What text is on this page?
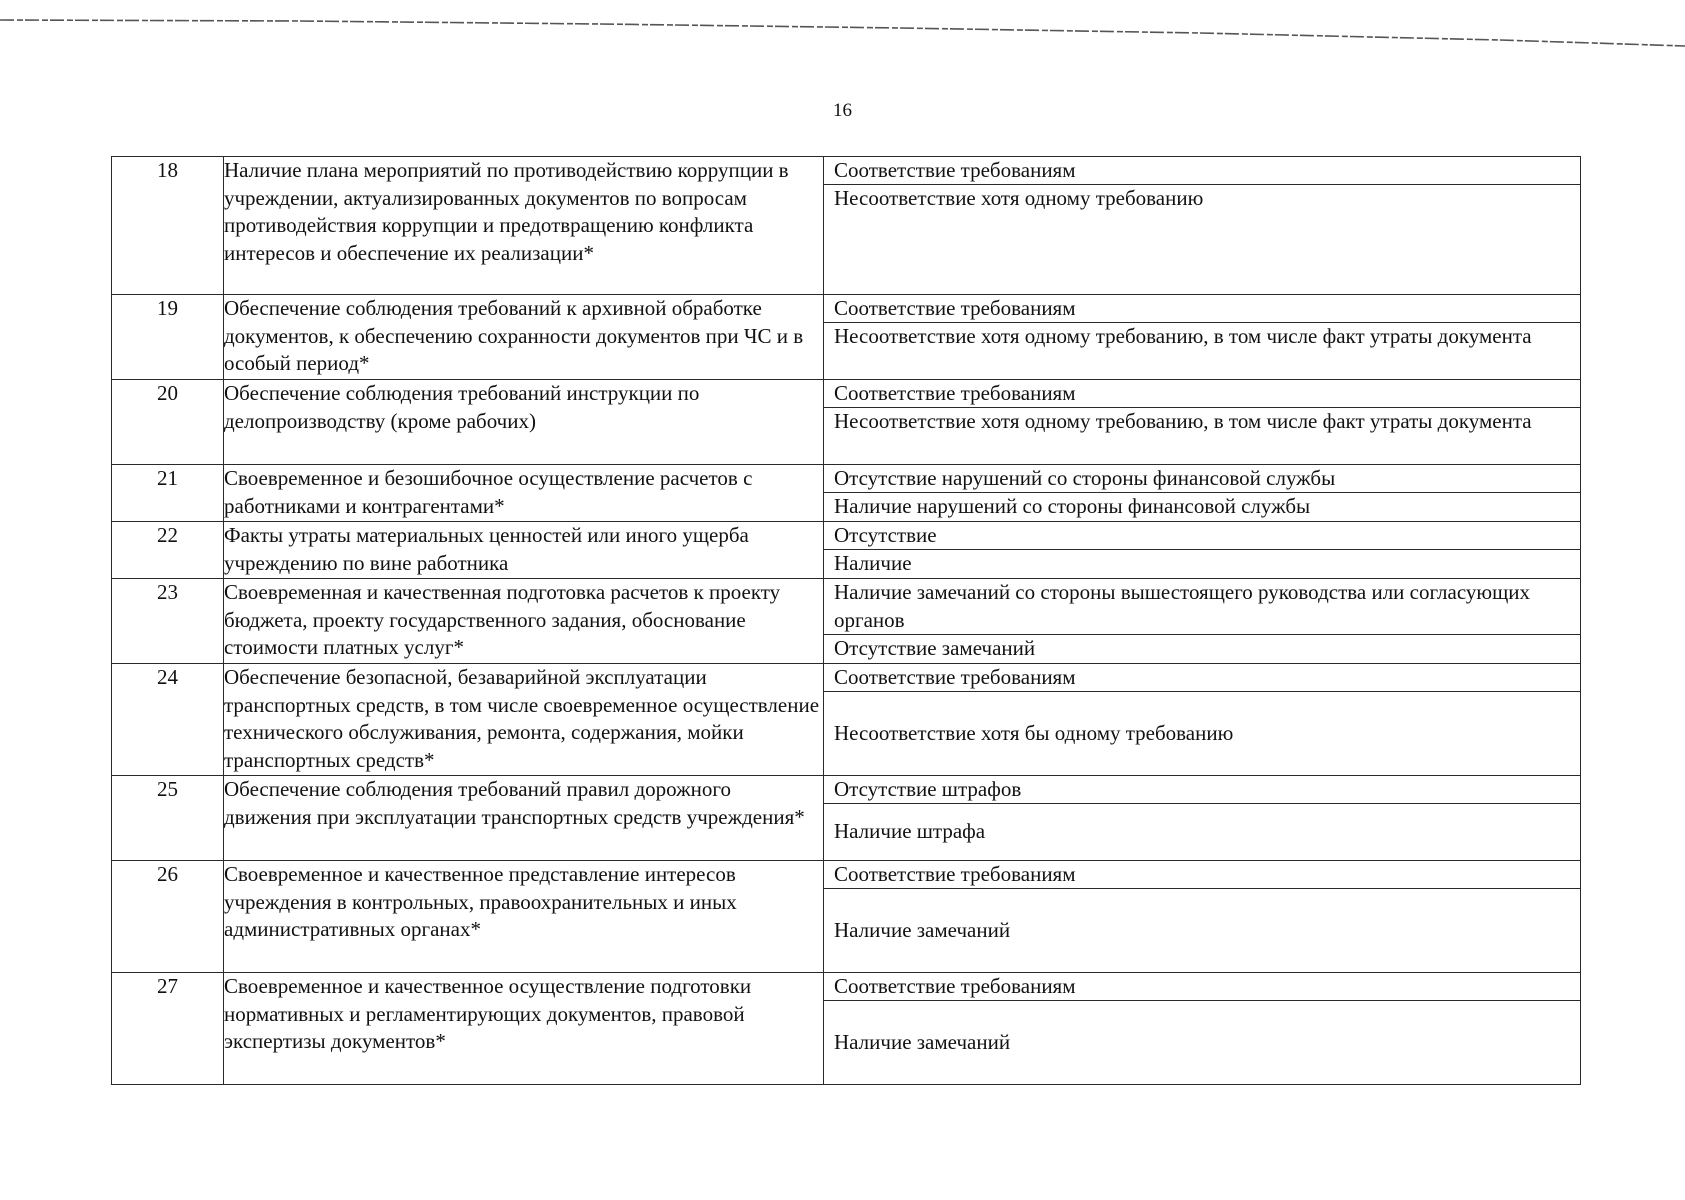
16
18	Наличие плана мероприятий по противодействию коррупции в учреждении, актуализированных документов по вопросам противодействия коррупции и предотвращению конфликта интересов и обеспечение их реализации*	Соответствие требованиям
Несоответствие хотя одному требованию

19	Обеспечение соблюдения требований к архивной обработке документов, к обеспечению сохранности документов при ЧС и в особый период*	Соответствие требованиям
Несоответствие хотя одному требованию, в том числе факт утраты документа

20	Обеспечение соблюдения требований инструкции по делопроизводству (кроме рабочих)	Соответствие требованиям
Несоответствие хотя одному требованию, в том числе факт утраты документа

21	Своевременное и безошибочное осуществление расчетов с работниками и контрагентами*	Отсутствие нарушений со стороны финансовой службы
Наличие нарушений со стороны финансовой службы

22	Факты утраты материальных ценностей или иного ущерба учреждению по вине работника	Отсутствие
Наличие

23	Своевременная и качественная подготовка расчетов к проекту бюджета, проекту государственного задания, обоснование стоимости платных услуг*	Наличие замечаний со стороны вышестоящего руководства или согласующих органов
Отсутствие замечаний

24	Обеспечение безопасной, безаварийной эксплуатации транспортных средств, в том числе своевременное осуществление технического обслуживания, ремонта, содержания, мойки транспортных средств*	Соответствие требованиям
Несоответствие хотя бы одному требованию

25	Обеспечение соблюдения требований правил дорожного движения при эксплуатации транспортных средств учреждения*	Отсутствие штрафов
Наличие штрафа

26	Своевременное и качественное представление интересов учреждения в контрольных, правоохранительных и иных административных органах*	Соответствие требованиям
Наличие замечаний

27	Своевременное и качественное осуществление подготовки нормативных и регламентирующих документов, правовой экспертизы документов*	Соответствие требованиям
Наличие замечаний
